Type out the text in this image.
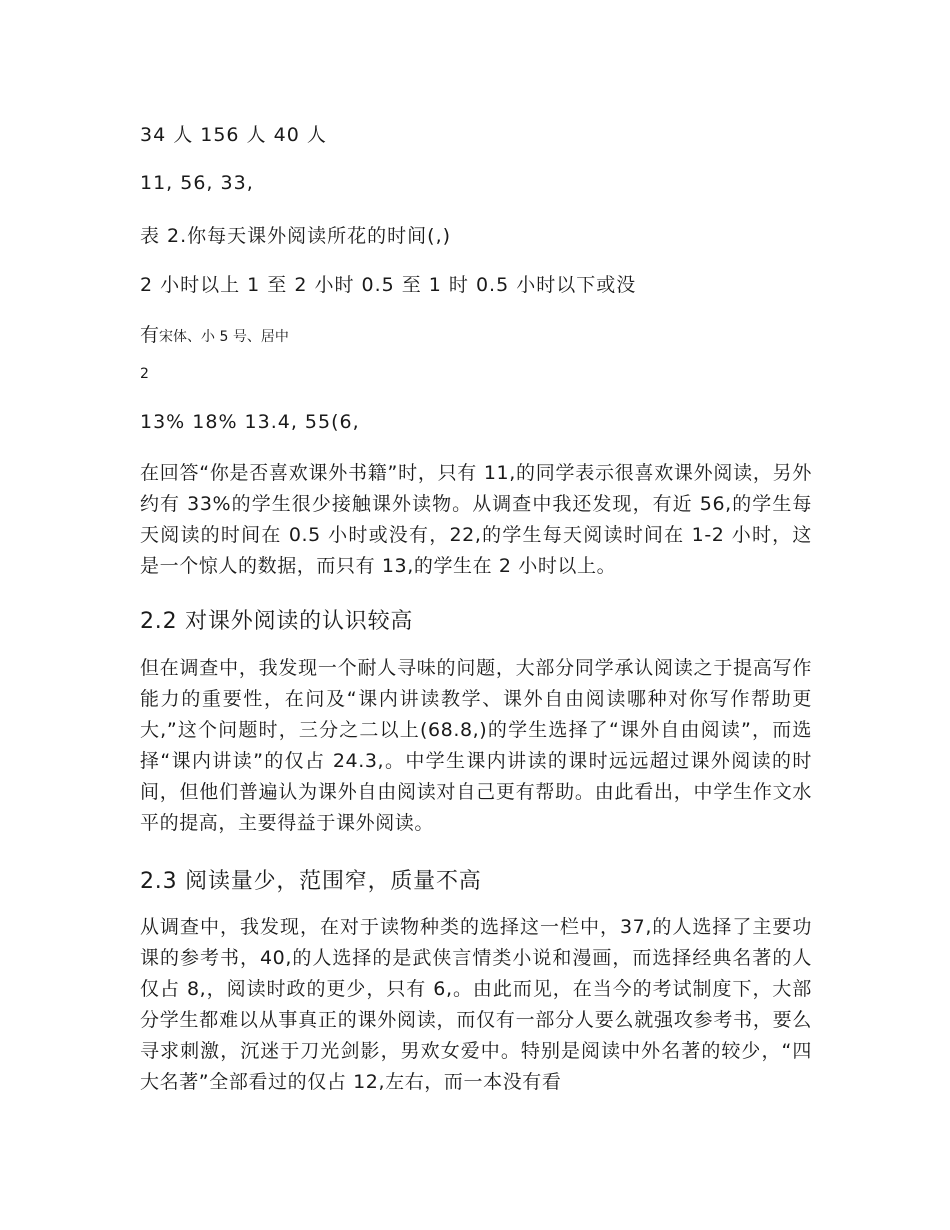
34 人 156 人 40 人
11, 56, 33,
表 2.你每天课外阅读所花的时间(,)
2 小时以上 1 至 2 小时 0.5 至 1 时 0.5 小时以下或没
有宋体、小 5 号、居中
2
13% 18% 13.4, 55(6,

在回答“你是否喜欢课外书籍”时，只有 11,的同学表示很喜欢课外阅读，另外约有 33%的学生很少接触课外读物。从调查中我还发现，有近 56,的学生每天阅读的时间在 0.5 小时或没有，22,的学生每天阅读时间在 1-2 小时，这是一个惊人的数据，而只有 13,的学生在 2 小时以上。

2.2 对课外阅读的认识较高

但在调查中，我发现一个耐人寻味的问题，大部分同学承认阅读之于提高写作能力的重要性，在问及“课内讲读教学、课外自由阅读哪种对你写作帮助更大,”这个问题时，三分之二以上(68.8,)的学生选择了“课外自由阅读”，而选择“课内讲读”的仅占 24.3,。中学生课内讲读的课时远远超过课外阅读的时间，但他们普遍认为课外自由阅读对自己更有帮助。由此看出，中学生作文水平的提高，主要得益于课外阅读。

2.3 阅读量少，范围窄，质量不高

从调查中，我发现，在对于读物种类的选择这一栏中，37,的人选择了主要功课的参考书，40,的人选择的是武侠言情类小说和漫画，而选择经典名著的人仅占 8,，阅读时政的更少，只有 6,。由此而见，在当今的考试制度下，大部分学生都难以从事真正的课外阅读，而仅有一部分人要么就强攻参考书，要么寻求刺激，沉迷于刀光剑影，男欢女爱中。特别是阅读中外名著的较少，“四大名著”全部看过的仅占 12,左右，而一本没有看
